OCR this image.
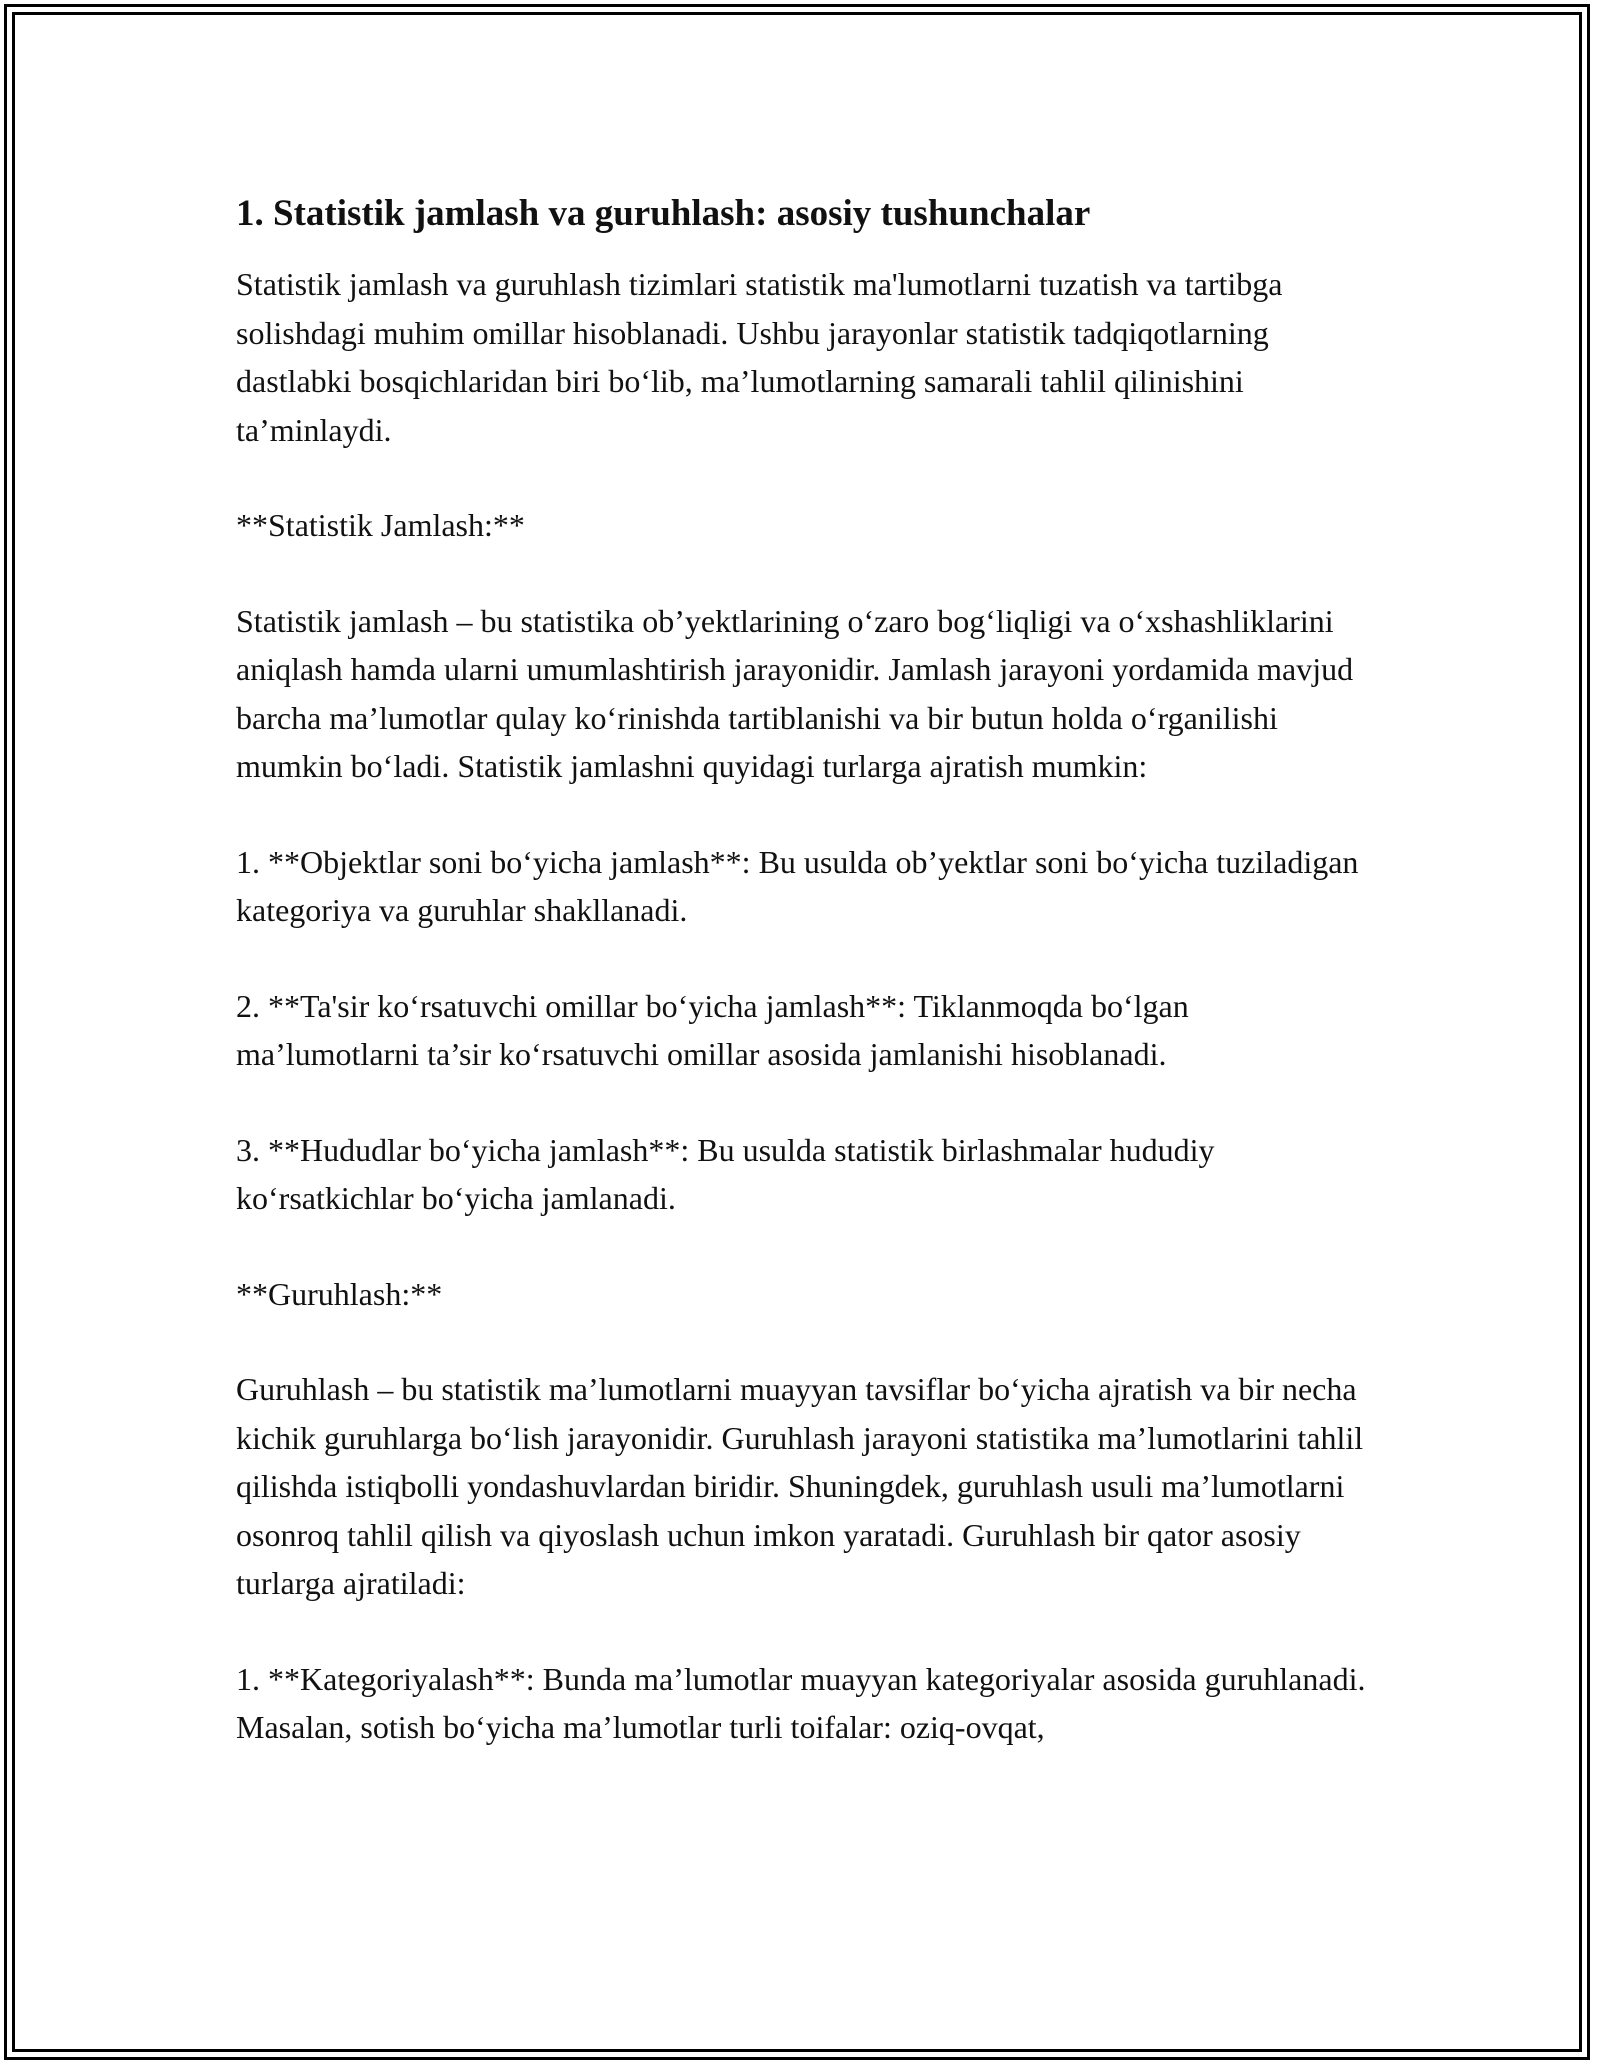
1. Statistik jamlash va guruhlash: asosiy tushunchalar

Statistik jamlash va guruhlash tizimlari statistik ma'lumotlarni tuzatish va tartibga solishdagi muhim omillar hisoblanadi. Ushbu jarayonlar statistik tadqiqotlarning dastlabki bosqichlaridan biri bo‘lib, ma’lumotlarning samarali tahlil qilinishini ta’minlaydi.

**Statistik Jamlash:**

Statistik jamlash – bu statistika ob’yektlarining o‘zaro bog‘liqligi va o‘xshashliklarini aniqlash hamda ularni umumlashtirish jarayonidir. Jamlash jarayoni yordamida mavjud barcha ma’lumotlar qulay ko‘rinishda tartiblanishi va bir butun holda o‘rganilishi mumkin bo‘ladi. Statistik jamlashni quyidagi turlarga ajratish mumkin:

1. **Objektlar soni bo‘yicha jamlash**: Bu usulda ob’yektlar soni bo‘yicha tuziladigan kategoriya va guruhlar shakllanadi.

2. **Ta'sir ko‘rsatuvchi omillar bo‘yicha jamlash**: Tiklanmoqda bo‘lgan ma’lumotlarni ta’sir ko‘rsatuvchi omillar asosida jamlanishi hisoblanadi.

3. **Hududlar bo‘yicha jamlash**: Bu usulda statistik birlashmalar hududiy ko‘rsatkichlar bo‘yicha jamlanadi.

**Guruhlash:**

Guruhlash – bu statistik ma’lumotlarni muayyan tavsiflar bo‘yicha ajratish va bir necha kichik guruhlarga bo‘lish jarayonidir. Guruhlash jarayoni statistika ma’lumotlarini tahlil qilishda istiqbolli yondashuvlardan biridir. Shuningdek, guruhlash usuli ma’lumotlarni osonroq tahlil qilish va qiyoslash uchun imkon yaratadi. Guruhlash bir qator asosiy turlarga ajratiladi:

1. **Kategoriyalash**: Bunda ma’lumotlar muayyan kategoriyalar asosida guruhlanadi. Masalan, sotish bo‘yicha ma’lumotlar turli toifalar: oziq-ovqat,
